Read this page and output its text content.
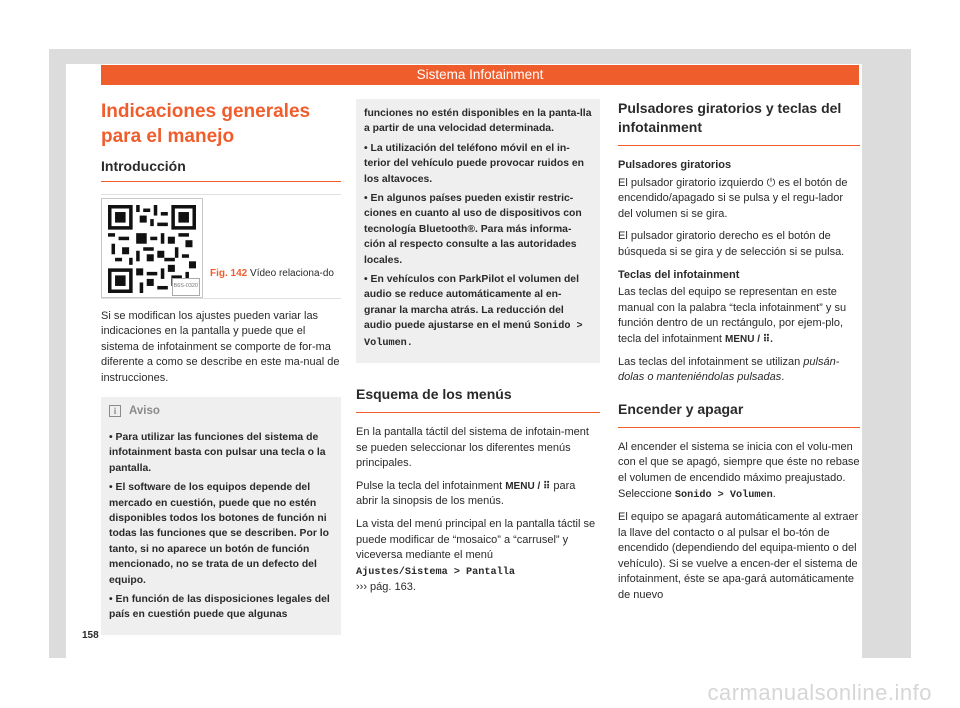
Sistema Infotainment
Indicaciones generales para el manejo
Introducción
B6S-0320
Fig. 142 Vídeo relaciona-do

Si se modifican los ajustes pueden variar las indicaciones en la pantalla y puede que el sistema de infotainment se comporte de for-ma diferente a como se describe en este ma-nual de instrucciones.

i	Aviso

• Para utilizar las funciones del sistema de infotainment basta con pulsar una tecla o la pantalla.

• El software de los equipos depende del mercado en cuestión, puede que no estén disponibles todos los botones de función ni todas las funciones que se describen. Por lo tanto, si no aparece un botón de función mencionado, no se trata de un defecto del equipo.

• En función de las disposiciones legales del país en cuestión puede que algunas

funciones no estén disponibles en la panta-lla a partir de una velocidad determinada.

• La utilización del teléfono móvil en el in-terior del vehículo puede provocar ruidos en los altavoces.

• En algunos países pueden existir restric-ciones en cuanto al uso de dispositivos con tecnología Bluetooth®. Para más informa-ción al respecto consulte a las autoridades locales.

• En vehículos con ParkPilot el volumen del audio se reduce automáticamente al en-granar la marcha atrás. La reducción del audio puede ajustarse en el menú Sonido > Volumen.

Esquema de los menús

En la pantalla táctil del sistema de infotain-ment se pueden seleccionar los diferentes menús principales.

Pulse la tecla del infotainment MENU / ⠿ para abrir la sinopsis de los menús.

La vista del menú principal en la pantalla táctil se puede modificar de “mosaico” a “carrusel” y viceversa mediante el menú
Ajustes/Sistema > Pantalla
››› pág. 163.

Pulsadores giratorios y teclas del infotainment

Pulsadores giratorios

El pulsador giratorio izquierdo ⏻ es el botón de encendido/apagado si se pulsa y el regu-lador del volumen si se gira.

El pulsador giratorio derecho es el botón de búsqueda si se gira y de selección si se pulsa.

Teclas del infotainment

Las teclas del equipo se representan en este manual con la palabra “tecla infotainment” y su función dentro de un rectángulo, por ejem-plo, tecla del infotainment MENU / ⠿.

Las teclas del infotainment se utilizan pulsán-dolas o manteniéndolas pulsadas.

Encender y apagar

Al encender el sistema se inicia con el volu-men con el que se apagó, siempre que éste no rebase el volumen de encendido máximo preajustado. Seleccione Sonido > Volumen.

El equipo se apagará automáticamente al extraer la llave del contacto o al pulsar el bo-tón de encendido (dependiendo del equipa-miento o del vehículo). Si se vuelve a encen-der el sistema de infotainment, éste se apa-gará automáticamente de nuevo

158
carmanualsonline.info
